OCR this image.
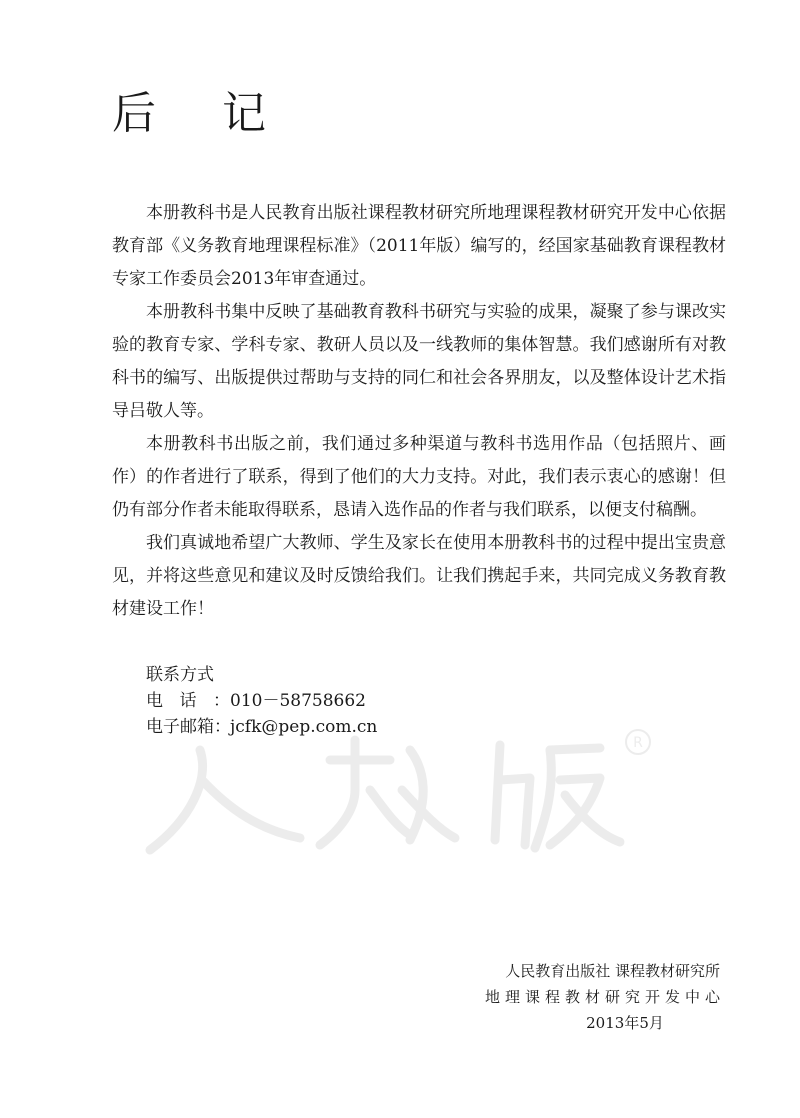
后 记

本册教科书是人民教育出版社课程教材研究所地理课程教材研究开发中心依据教育部《义务教育地理课程标准》（2011年版）编写的，经国家基础教育课程教材专家工作委员会2013年审查通过。

本册教科书集中反映了基础教育教科书研究与实验的成果，凝聚了参与课改实验的教育专家、学科专家、教研人员以及一线教师的集体智慧。我们感谢所有对教科书的编写、出版提供过帮助与支持的同仁和社会各界朋友，以及整体设计艺术指导吕敬人等。

本册教科书出版之前，我们通过多种渠道与教科书选用作品（包括照片、画作）的作者进行了联系，得到了他们的大力支持。对此，我们表示衷心的感谢！但仍有部分作者未能取得联系，恳请入选作品的作者与我们联系，以便支付稿酬。

我们真诚地希望广大教师、学生及家长在使用本册教科书的过程中提出宝贵意见，并将这些意见和建议及时反馈给我们。让我们携起手来，共同完成义务教育教材建设工作！

联系方式
电话： 010－58758662
电子邮箱： jcfk@pep.com.cn
R
人民教育出版社 课程教材研究所
地理课程教材研究开发中心
2013年5月
